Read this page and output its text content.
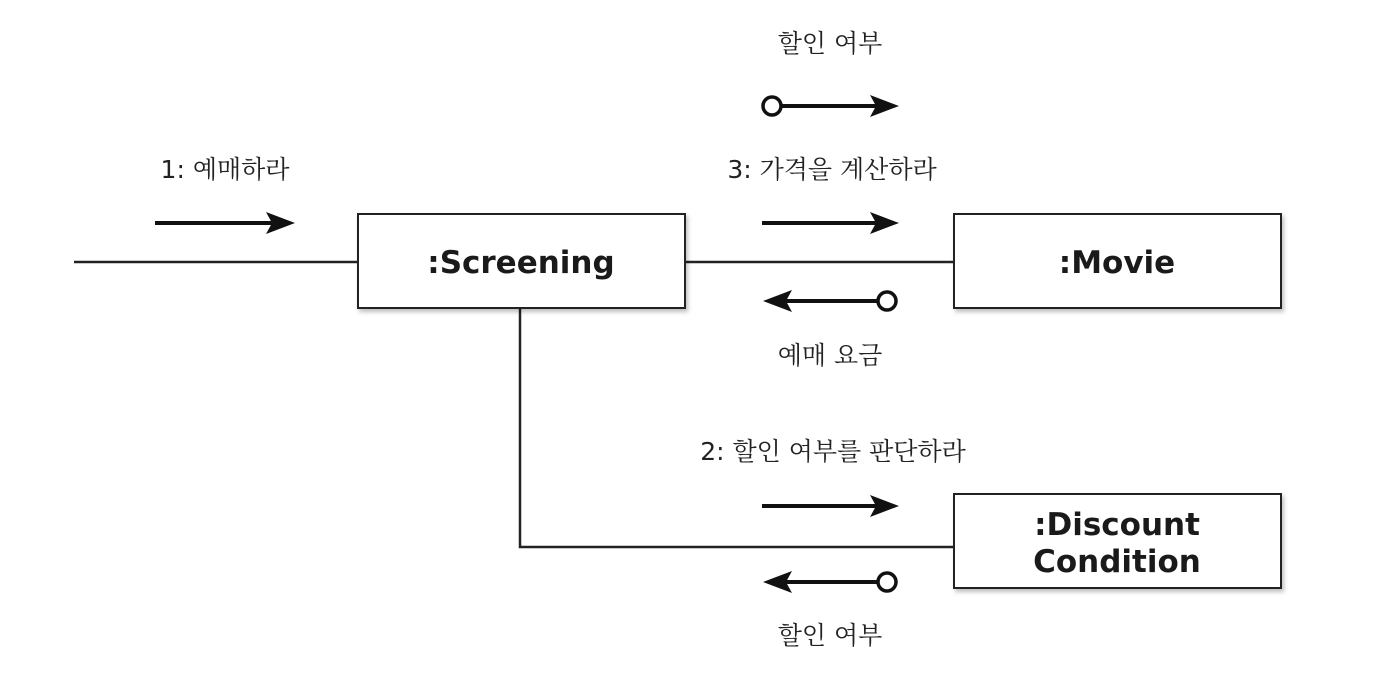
:Screening	:Movie
:Discount
Condition
1: 예매하라
할인 여부
3: 가격을 계산하라
예매 요금
2: 할인 여부를 판단하라
할인 여부
